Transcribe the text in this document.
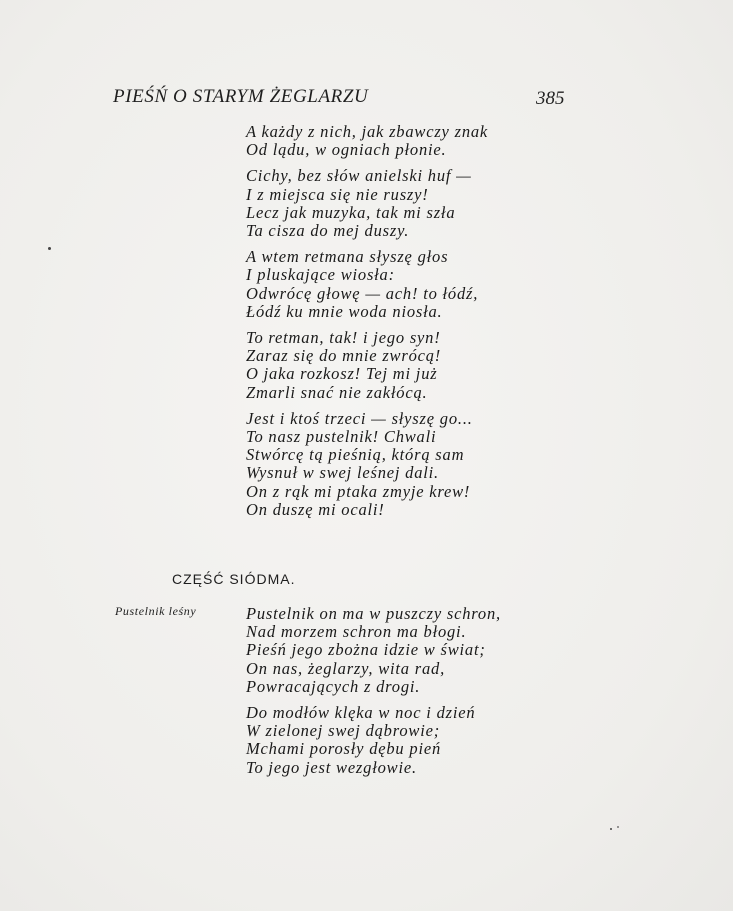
PIEŚŃ O STARYM ŻEGLARZU	385
A każdy z nich, jak zbawczy znak
Od lądu, w ogniach płonie.
Cichy, bez słów anielski huf —
I z miejsca się nie ruszy!
Lecz jak muzyka, tak mi szła
Ta cisza do mej duszy.
A wtem retmana słyszę głos
I pluskające wiosła:
Odwrócę głowę — ach! to łódź,
Łódź ku mnie woda niosła.
To retman, tak! i jego syn!
Zaraz się do mnie zwrócą!
O jaka rozkosz! Tej mi już
Zmarli snać nie zakłócą.
Jest i ktoś trzeci — słyszę go...
To nasz pustelnik! Chwali
Stwórcę tą pieśnią, którą sam
Wysnuł w swej leśnej dali.
On z rąk mi ptaka zmyje krew!
On duszę mi ocali!
CZĘŚĆ SIÓDMA.
Pustelnik leśny	Pustelnik on ma w puszczy schron,
Nad morzem schron ma błogi.
Pieśń jego zbożna idzie w świat;
On nas, żeglarzy, wita rad,
Powracających z drogi.
Do modłów klęka w noc i dzień
W zielonej swej dąbrowie;
Mchami porosły dębu pień
To jego jest wezgłowie.
